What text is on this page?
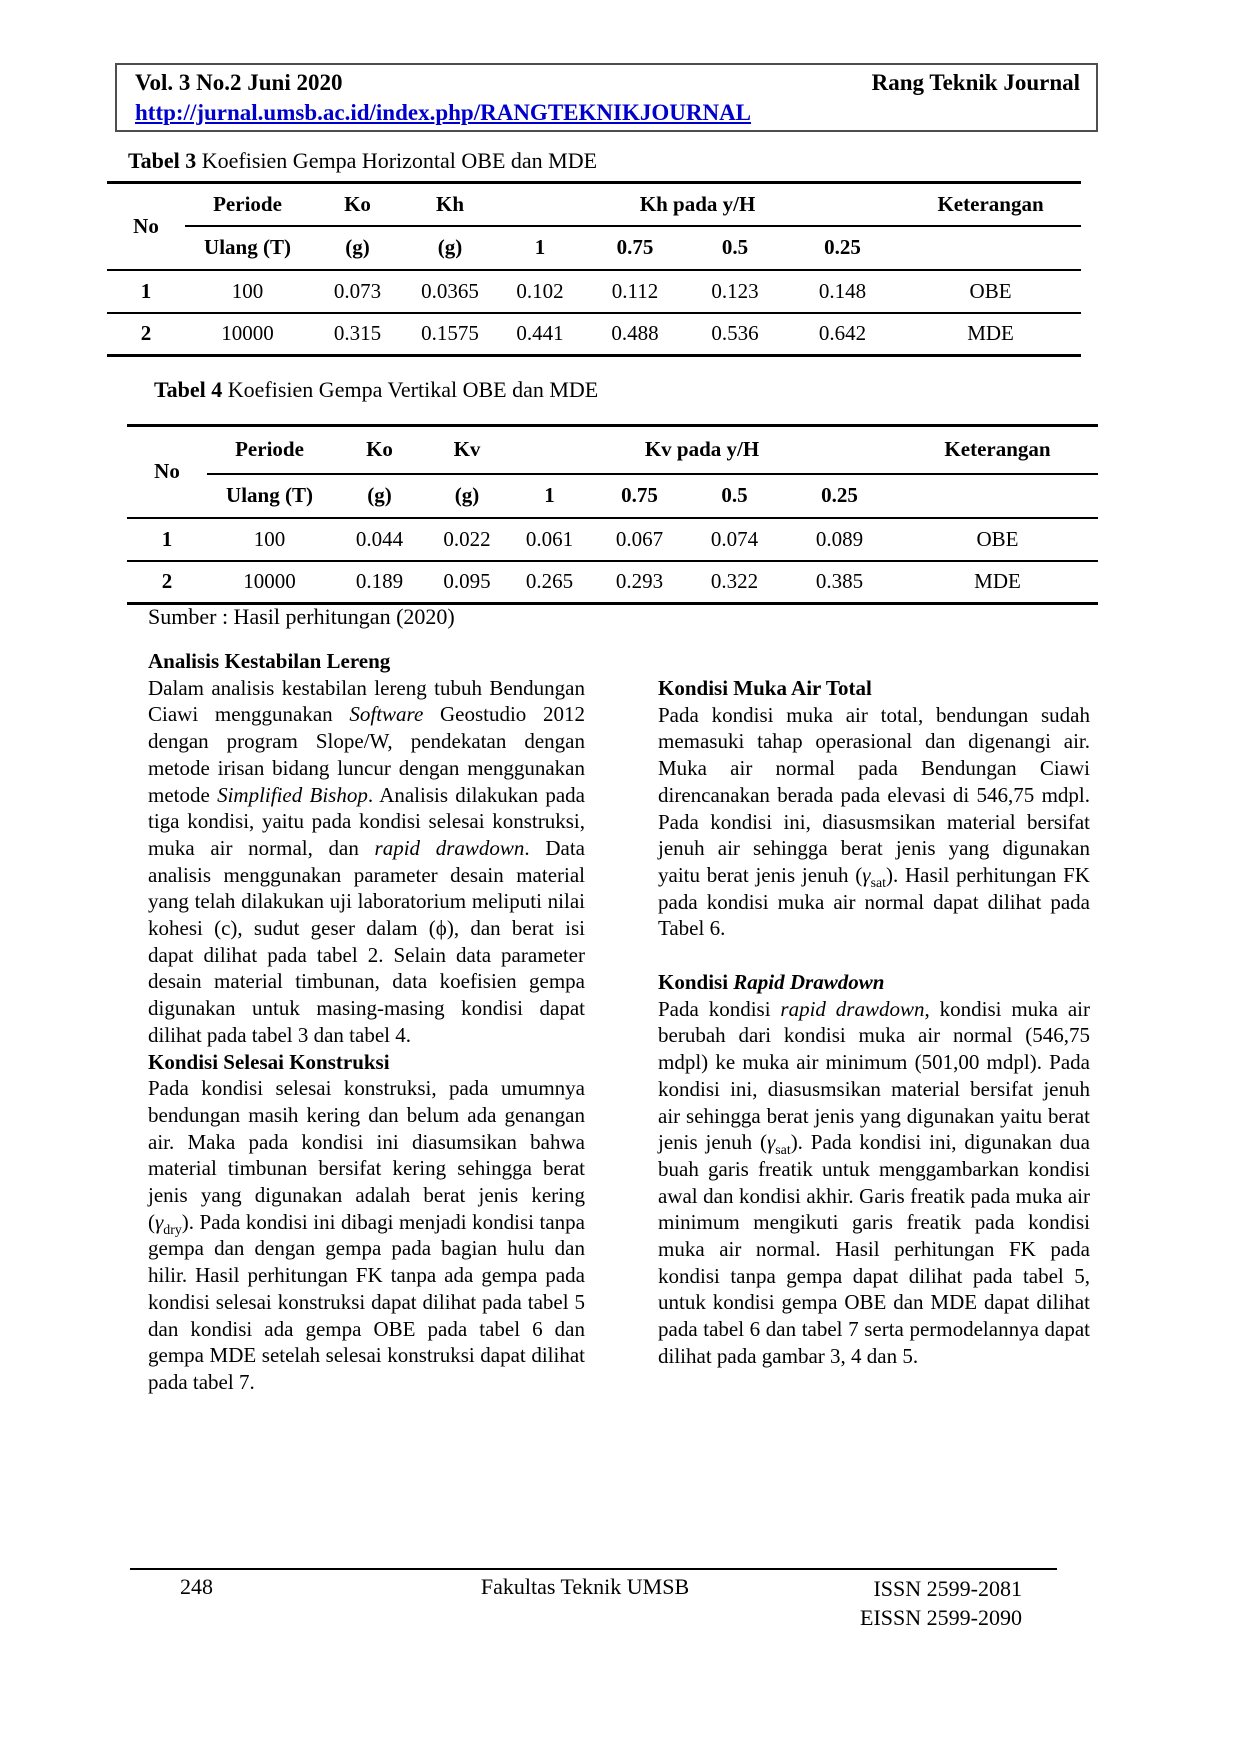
Vol. 3 No.2 Juni 2020	Rang Teknik Journal
http://jurnal.umsb.ac.id/index.php/RANGTEKNIKJOURNAL
Tabel 3 Koefisien Gempa Horizontal OBE dan MDE
No	Periode	Ko	Kh	Kh pada y/H				Keterangan
	Ulang (T)	(g)	(g)	1	0.75	0.5	0.25	
1	100	0.073	0.0365	0.102	0.112	0.123	0.148	OBE
2	10000	0.315	0.1575	0.441	0.488	0.536	0.642	MDE
Tabel 4 Koefisien Gempa Vertikal OBE dan MDE
No	Periode	Ko	Kv	Kv pada y/H				Keterangan
	Ulang (T)	(g)	(g)	1	0.75	0.5	0.25	
1	100	0.044	0.022	0.061	0.067	0.074	0.089	OBE
2	10000	0.189	0.095	0.265	0.293	0.322	0.385	MDE
Sumber : Hasil perhitungan (2020)
Analisis Kestabilan Lereng
Dalam analisis kestabilan lereng tubuh Bendungan Ciawi menggunakan Software Geostudio 2012 dengan program Slope/W, pendekatan dengan metode irisan bidang luncur dengan menggunakan metode Simplified Bishop. Analisis dilakukan pada tiga kondisi, yaitu pada kondisi selesai konstruksi, muka air normal, dan rapid drawdown. Data analisis menggunakan parameter desain material yang telah dilakukan uji laboratorium meliputi nilai kohesi (c), sudut geser dalam (ϕ), dan berat isi dapat dilihat pada tabel 2. Selain data parameter desain material timbunan, data koefisien gempa digunakan untuk masing-masing kondisi dapat dilihat pada tabel 3 dan tabel 4.
Kondisi Selesai Konstruksi
Pada kondisi selesai konstruksi, pada umumnya bendungan masih kering dan belum ada genangan air. Maka pada kondisi ini diasumsikan bahwa material timbunan bersifat kering sehingga berat jenis yang digunakan adalah berat jenis kering $(\gamma_{dry})$. Pada kondisi ini dibagi menjadi kondisi tanpa gempa dan dengan gempa pada bagian hulu dan hilir. Hasil perhitungan FK tanpa ada gempa pada kondisi selesai konstruksi dapat dilihat pada tabel 5 dan kondisi ada gempa OBE pada tabel 6 dan gempa MDE setelah selesai konstruksi dapat dilihat pada tabel 7.
Kondisi Muka Air Total
Pada kondisi muka air total, bendungan sudah memasuki tahap operasional dan digenangi air. Muka air normal pada Bendungan Ciawi direncanakan berada pada elevasi di 546,75 mdpl. Pada kondisi ini, diasusmsikan material bersifat jenuh air sehingga berat jenis yang digunakan yaitu berat jenis jenuh $(\gamma_{sat})$. Hasil perhitungan FK pada kondisi muka air normal dapat dilihat pada Tabel 6.
Kondisi Rapid Drawdown
Pada kondisi rapid drawdown, kondisi muka air berubah dari kondisi muka air normal (546,75 mdpl) ke muka air minimum (501,00 mdpl). Pada kondisi ini, diasusmsikan material bersifat jenuh air sehingga berat jenis yang digunakan yaitu berat jenis jenuh $(\gamma_{sat})$. Pada kondisi ini, digunakan dua buah garis freatik untuk menggambarkan kondisi awal dan kondisi akhir. Garis freatik pada muka air minimum mengikuti garis freatik pada kondisi muka air normal. Hasil perhitungan FK pada kondisi tanpa gempa dapat dilihat pada tabel 5, untuk kondisi gempa OBE dan MDE dapat dilihat pada tabel 6 dan tabel 7 serta permodelannya dapat dilihat pada gambar 3, 4 dan 5.
248	Fakultas Teknik UMSB	ISSN 2599-2081
EISSN 2599-2090
